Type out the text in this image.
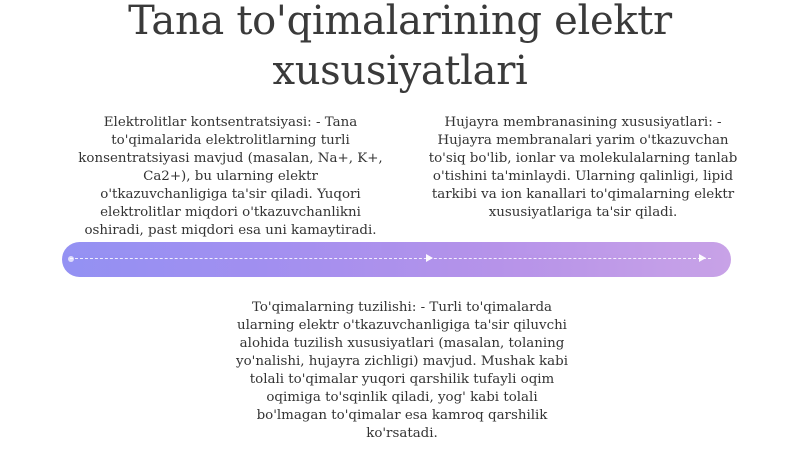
Tana to'qimalarining elektr
xususiyatlari
Elektrolitlar kontsentratsiyasi: - Tana to'qimalarida elektrolitlarning turli konsentratsiyasi mavjud (masalan, Na+, K+, Ca2+), bu ularning elektr o'tkazuvchanligiga ta'sir qiladi. Yuqori elektrolitlar miqdori o'tkazuvchanlikni oshiradi, past miqdori esa uni kamaytiradi.
Hujayra membranasining xususiyatlari: - Hujayra membranalari yarim o'tkazuvchan to'siq bo'lib, ionlar va molekulalarning tanlab o'tishini ta'minlaydi. Ularning qalinligi, lipid tarkibi va ion kanallari to'qimalarning elektr xususiyatlariga ta'sir qiladi.
To'qimalarning tuzilishi: - Turli to'qimalarda ularning elektr o'tkazuvchanligiga ta'sir qiluvchi alohida tuzilish xususiyatlari (masalan, tolaning yo'nalishi, hujayra zichligi) mavjud. Mushak kabi tolali to'qimalar yuqori qarshilik tufayli oqim oqimiga to'sqinlik qiladi, yog' kabi tolali bo'lmagan to'qimalar esa kamroq qarshilik ko'rsatadi.
